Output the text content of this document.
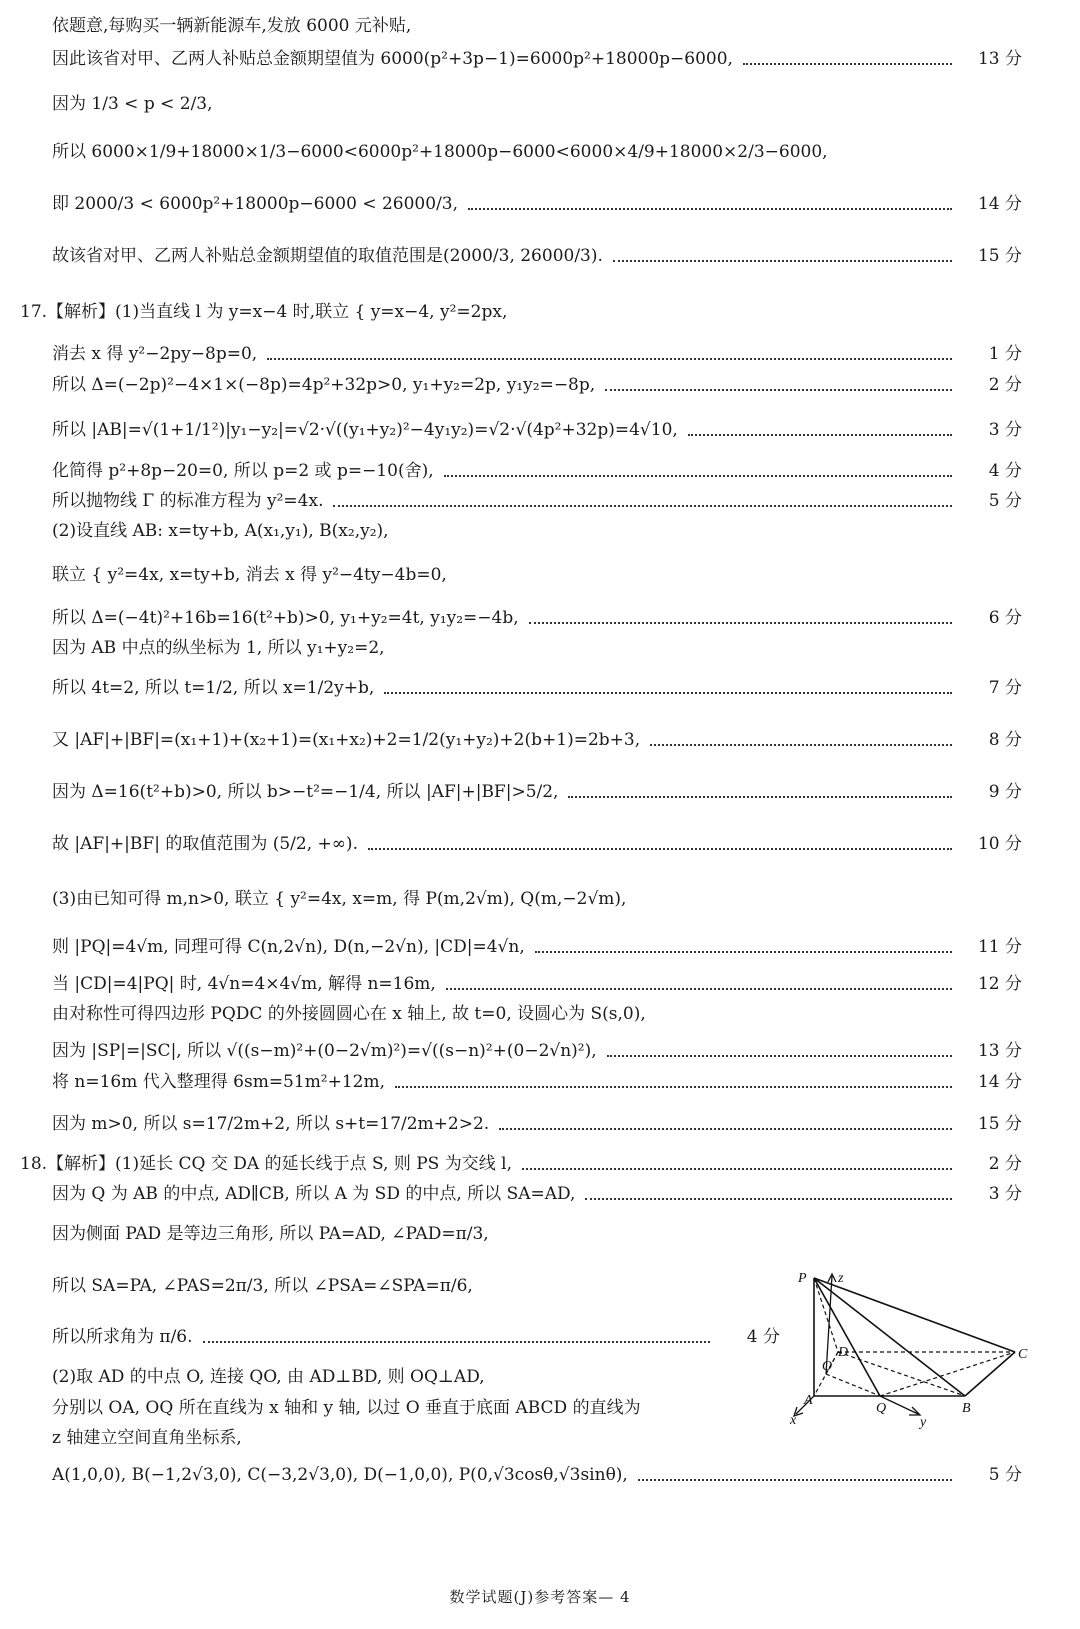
依题意,每购买一辆新能源车,发放 6000 元补贴,
因此该省对甲、乙两人补贴总金额期望值为 6000(p²+3p−1)=6000p²+18000p−6000,	13 分
因为 1/3 < p < 2/3,
所以 6000×1/9+18000×1/3−6000<6000p²+18000p−6000<6000×4/9+18000×2/3−6000,
即 2000/3 < 6000p²+18000p−6000 < 26000/3,	14 分
故该省对甲、乙两人补贴总金额期望值的取值范围是(2000/3, 26000/3).	15 分
17.【解析】(1)当直线 l 为 y=x−4 时,联立 { y=x−4, y²=2px,
消去 x 得 y²−2py−8p=0,	1 分
所以 Δ=(−2p)²−4×1×(−8p)=4p²+32p>0, y₁+y₂=2p, y₁y₂=−8p,	2 分
所以 |AB|=√(1+1/1²)|y₁−y₂|=√2·√((y₁+y₂)²−4y₁y₂)=√2·√(4p²+32p)=4√10,	3 分
化简得 p²+8p−20=0, 所以 p=2 或 p=−10(舍),	4 分
所以抛物线 Γ 的标准方程为 y²=4x.	5 分
(2)设直线 AB: x=ty+b, A(x₁,y₁), B(x₂,y₂),
联立 { y²=4x, x=ty+b, 消去 x 得 y²−4ty−4b=0,
所以 Δ=(−4t)²+16b=16(t²+b)>0, y₁+y₂=4t, y₁y₂=−4b,	6 分
因为 AB 中点的纵坐标为 1, 所以 y₁+y₂=2,
所以 4t=2, 所以 t=1/2, 所以 x=1/2y+b,	7 分
又 |AF|+|BF|=(x₁+1)+(x₂+1)=(x₁+x₂)+2=1/2(y₁+y₂)+2(b+1)=2b+3,	8 分
因为 Δ=16(t²+b)>0, 所以 b>−t²=−1/4, 所以 |AF|+|BF|>5/2,	9 分
故 |AF|+|BF| 的取值范围为 (5/2, +∞).	10 分
(3)由已知可得 m,n>0, 联立 { y²=4x, x=m, 得 P(m,2√m), Q(m,−2√m),
则 |PQ|=4√m, 同理可得 C(n,2√n), D(n,−2√n), |CD|=4√n,	11 分
当 |CD|=4|PQ| 时, 4√n=4×4√m, 解得 n=16m,	12 分
由对称性可得四边形 PQDC 的外接圆圆心在 x 轴上, 故 t=0, 设圆心为 S(s,0),
因为 |SP|=|SC|, 所以 √((s−m)²+(0−2√m)²)=√((s−n)²+(0−2√n)²),	13 分
将 n=16m 代入整理得 6sm=51m²+12m,	14 分
因为 m>0, 所以 s=17/2m+2, 所以 s+t=17/2m+2>2.	15 分
18.【解析】(1)延长 CQ 交 DA 的延长线于点 S, 则 PS 为交线 l,	2 分
因为 Q 为 AB 的中点, AD∥CB, 所以 A 为 SD 的中点, 所以 SA=AD,	3 分
因为侧面 PAD 是等边三角形, 所以 PA=AD, ∠PAD=π/3,
所以 SA=PA, ∠PAS=2π/3, 所以 ∠PSA=∠SPA=π/6,
所以所求角为 π/6.	4 分
(2)取 AD 的中点 O, 连接 QO, 由 AD⊥BD, 则 OQ⊥AD,
分别以 OA, OQ 所在直线为 x 轴和 y 轴, 以过 O 垂直于底面 ABCD 的直线为
z 轴建立空间直角坐标系,
A(1,0,0), B(−1,2√3,0), C(−3,2√3,0), D(−1,0,0), P(0,√3cosθ,√3sinθ),	5 分
P z
D	C
O
A
Q	B
x	y
数学试题(J)参考答案— 4
